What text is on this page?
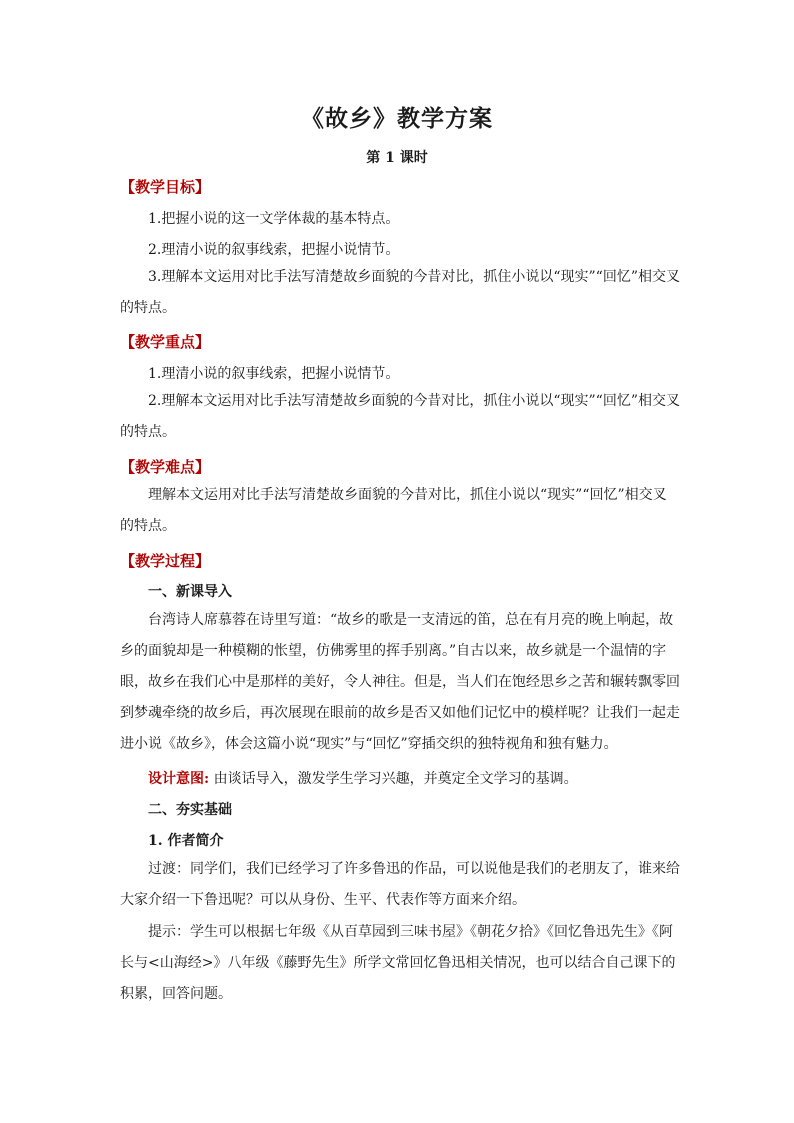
《故乡》教学方案
第 1 课时
【教学目标】
1.把握小说的这一文学体裁的基本特点。
2.理清小说的叙事线索，把握小说情节。
3.理解本文运用对比手法写清楚故乡面貌的今昔对比，抓住小说以“现实”“回忆”相交叉的特点。
【教学重点】
1.理清小说的叙事线索，把握小说情节。
2.理解本文运用对比手法写清楚故乡面貌的今昔对比，抓住小说以“现实”“回忆”相交叉的特点。
【教学难点】
理解本文运用对比手法写清楚故乡面貌的今昔对比，抓住小说以“现实”“回忆”相交叉的特点。
【教学过程】
一、新课导入
台湾诗人席慕蓉在诗里写道：“故乡的歌是一支清远的笛，总在有月亮的晚上响起，故乡的面貌却是一种模糊的怅望，仿佛雾里的挥手别离。”自古以来，故乡就是一个温情的字眼，故乡在我们心中是那样的美好，令人神往。但是，当人们在饱经思乡之苦和辗转飘零回到梦魂牵绕的故乡后，再次展现在眼前的故乡是否又如他们记忆中的模样呢？让我们一起走进小说《故乡》，体会这篇小说“现实”与“回忆”穿插交织的独特视角和独有魅力。
设计意图: 由谈话导入，激发学生学习兴趣，并奠定全文学习的基调。
二、夯实基础
1. 作者简介
过渡：同学们，我们已经学习了许多鲁迅的作品，可以说他是我们的老朋友了，谁来给大家介绍一下鲁迅呢？可以从身份、生平、代表作等方面来介绍。
提示：学生可以根据七年级《从百草园到三味书屋》《朝花夕拾》《回忆鲁迅先生》《阿长与<山海经>》八年级《藤野先生》所学文常回忆鲁迅相关情况，也可以结合自己课下的积累，回答问题。
